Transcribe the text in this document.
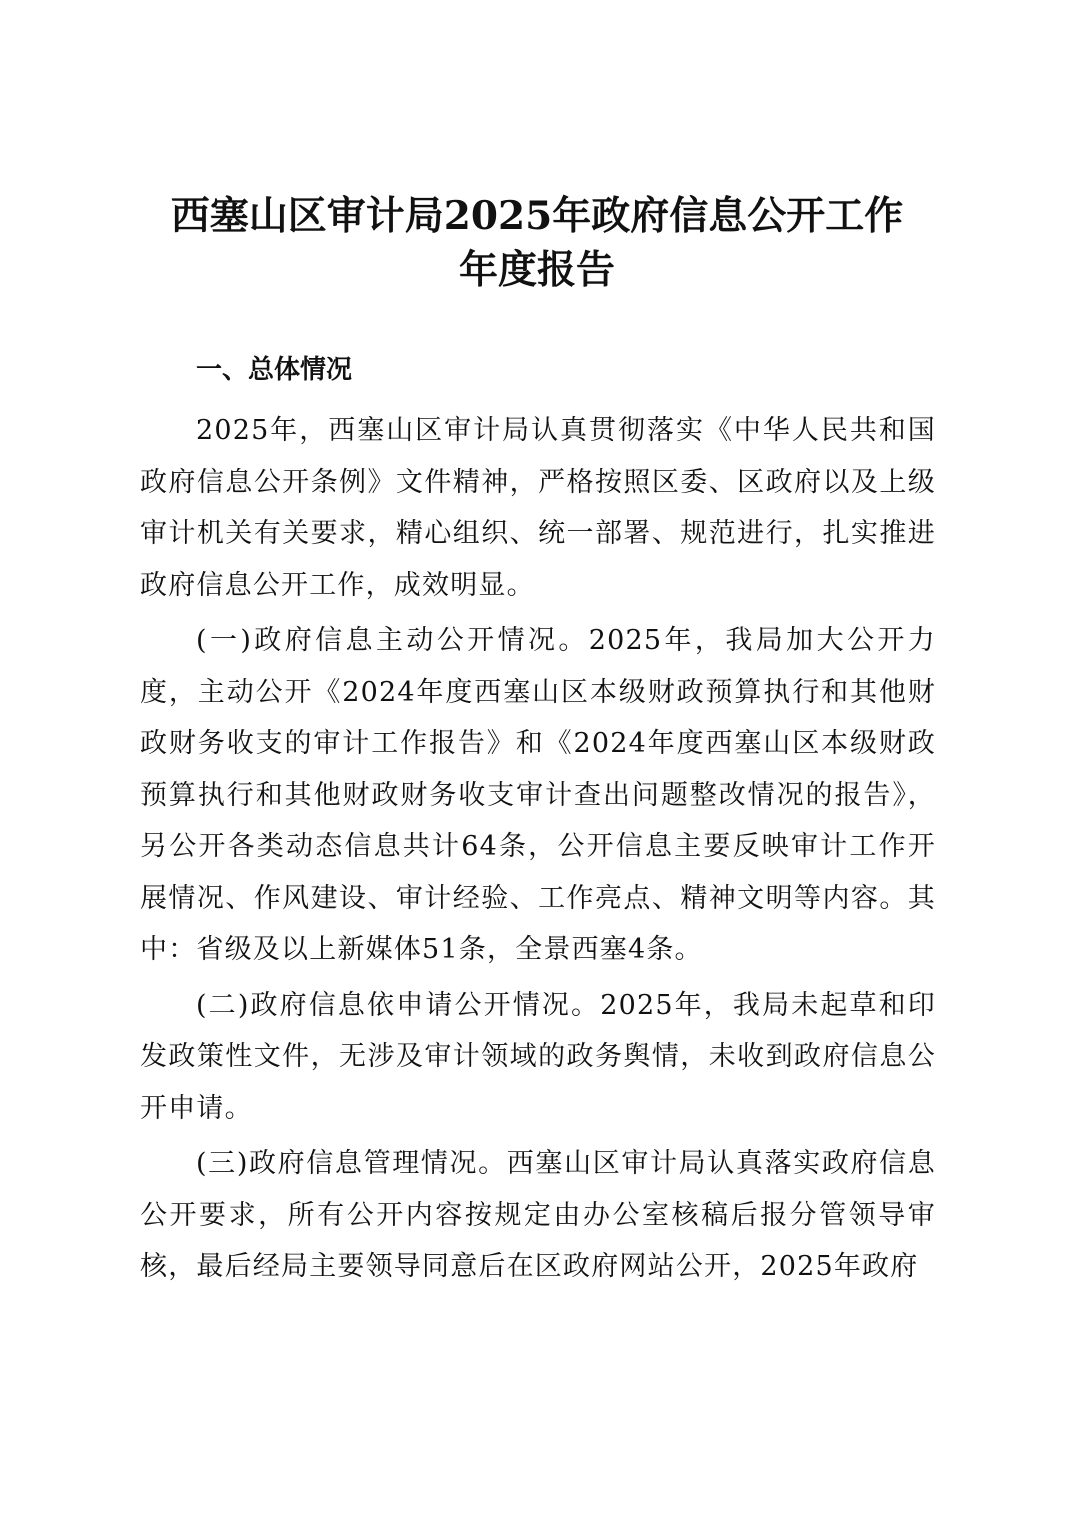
西塞山区审计局2025年政府信息公开工作
年度报告
一、总体情况

2025年，西塞山区审计局认真贯彻落实《中华人民共和国政府信息公开条例》文件精神，严格按照区委、区政府以及上级审计机关有关要求，精心组织、统一部署、规范进行，扎实推进政府信息公开工作，成效明显。

(一)政府信息主动公开情况。2025年，我局加大公开力度，主动公开《2024年度西塞山区本级财政预算执行和其他财政财务收支的审计工作报告》和《2024年度西塞山区本级财政预算执行和其他财政财务收支审计查出问题整改情况的报告》，另公开各类动态信息共计64条，公开信息主要反映审计工作开展情况、作风建设、审计经验、工作亮点、精神文明等内容。其中：省级及以上新媒体51条，全景西塞4条。

(二)政府信息依申请公开情况。2025年，我局未起草和印发政策性文件，无涉及审计领域的政务舆情，未收到政府信息公开申请。

(三)政府信息管理情况。西塞山区审计局认真落实政府信息公开要求，所有公开内容按规定由办公室核稿后报分管领导审核，最后经局主要领导同意后在区政府网站公开，2025年政府
